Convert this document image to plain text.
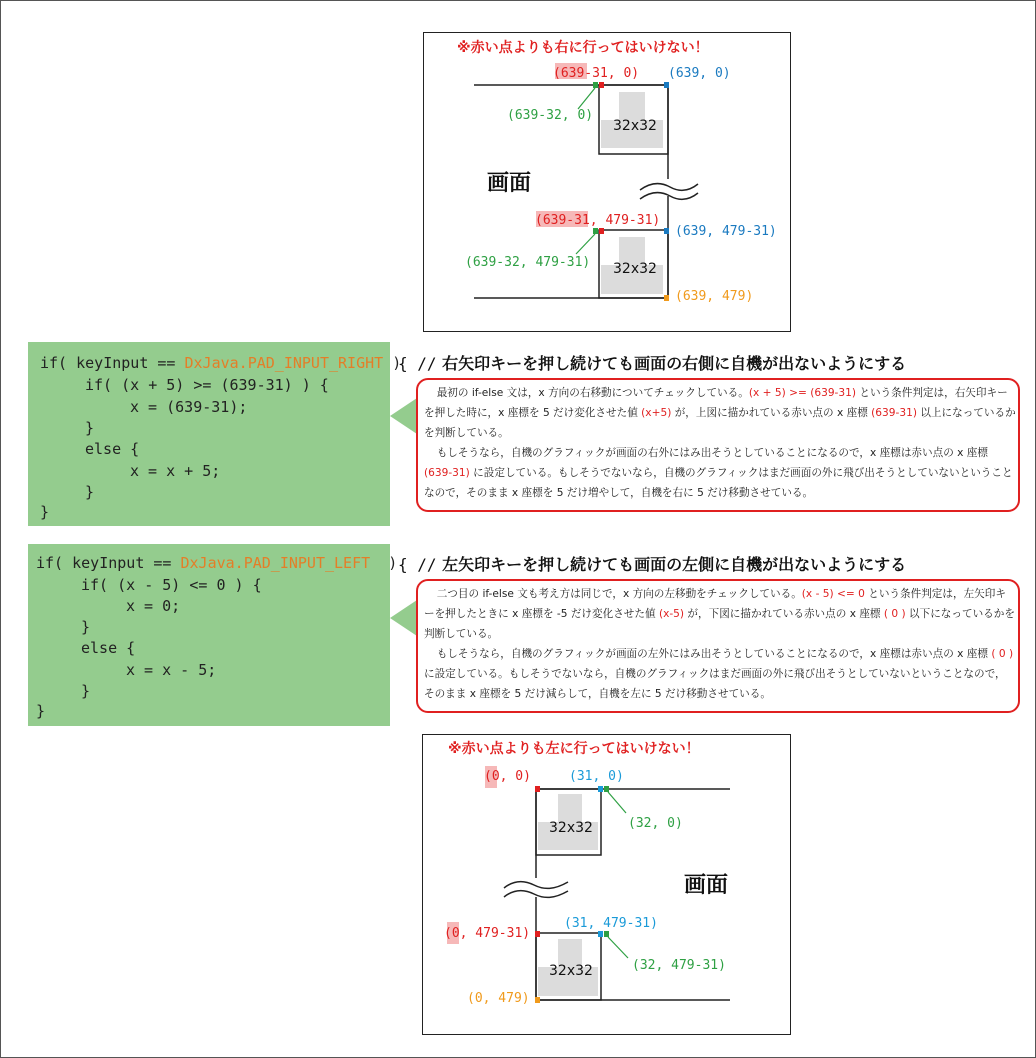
※赤い点よりも右に行ってはいけない！
画面
32x32
(639-31, 0) (639, 0)
(639-32, 0)
32x32
(639-31, 479-31)
(639, 479-31)
(639-32, 479-31)
(639, 479)
if( keyInput == DxJava.PAD_INPUT_RIGHT )
if( (x + 5) >= (639-31) ) {
x = (639-31);
}
else {
x = x + 5;
}
}
{ // 右矢印キーを押し続けても画面の右側に自機が出ないようにする

最初の if-else 文は，x 方向の右移動についてチェックしている。(x + 5) >= (639-31) という条件判定は，右矢印キーを押した時に，x 座標を 5 だけ変化させた値 (x+5) が，上図に描かれている赤い点の x 座標 (639-31) 以上になっているかを判断している。

もしそうなら，自機のグラフィックが画面の右外にはみ出そうとしていることになるので，x 座標は赤い点の x 座標 (639-31) に設定している。もしそうでないなら，自機のグラフィックはまだ画面の外に飛び出そうとしていないということなので，そのまま x 座標を 5 だけ増やして，自機を右に 5 だけ移動させている。

if( keyInput == DxJava.PAD_INPUT_LEFT  )
if( (x - 5) <= 0 ) {
x = 0;
}
else {
x = x - 5;
}
}
{ // 左矢印キーを押し続けても画面の左側に自機が出ないようにする

二つ目の if-else 文も考え方は同じで，x 方向の左移動をチェックしている。(x - 5) <= 0 という条件判定は，左矢印キーを押したときに x 座標を -5 だけ変化させた値 (x-5) が，下図に描かれている赤い点の x 座標 ( 0 ) 以下になっているかを判断している。

もしそうなら，自機のグラフィックが画面の左外にはみ出そうとしていることになるので，x 座標は赤い点の x 座標 ( 0 ) に設定している。もしそうでないなら，自機のグラフィックはまだ画面の外に飛び出そうとしていないということなので，そのまま x 座標を 5 だけ減らして，自機を左に 5 だけ移動させている。

※赤い点よりも左に行ってはいけない！
画面
32x32
(0, 0)	(31, 0)
(32, 0)
32x32
(0, 479-31)
(31, 479-31)
(32, 479-31)
(0, 479)
